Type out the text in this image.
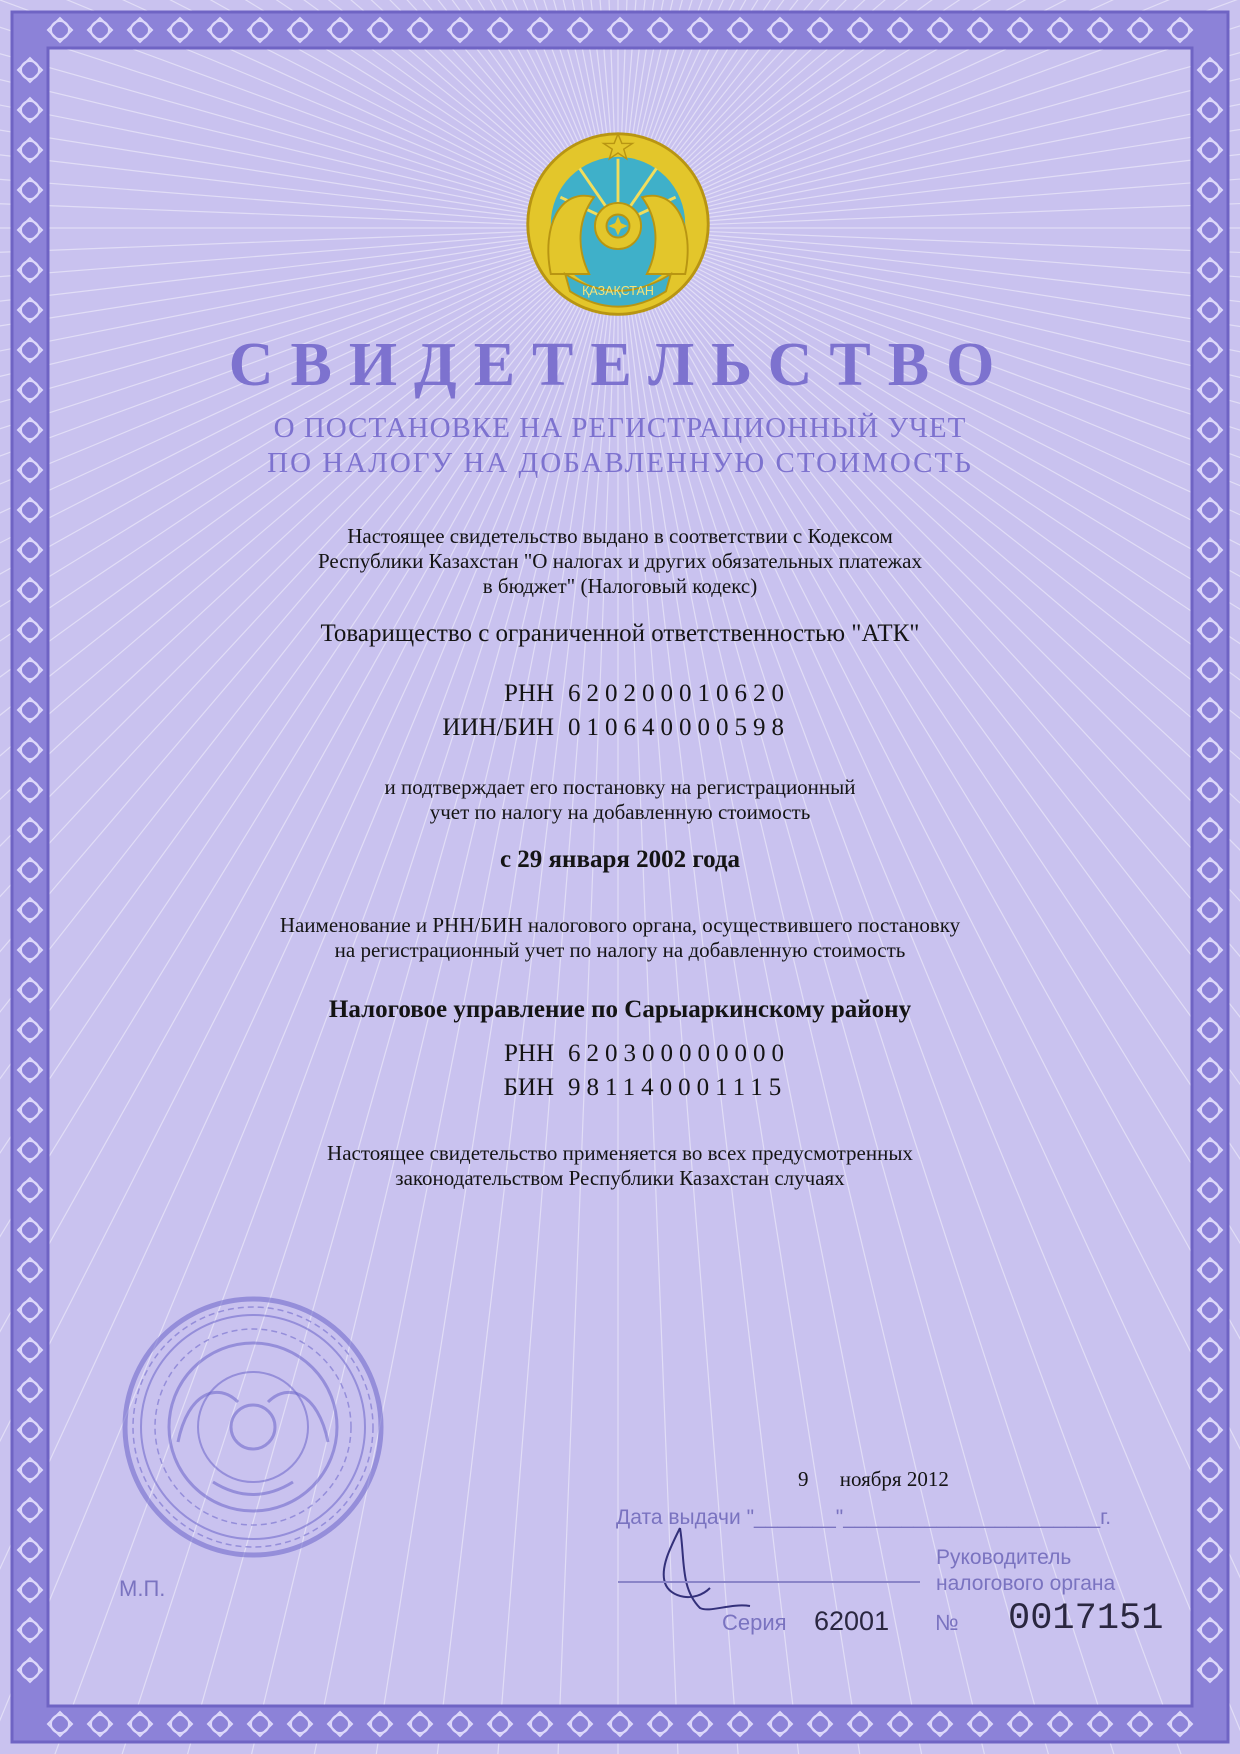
ҚАЗАҚСТАН
СВИДЕТЕЛЬСТВО
О ПОСТАНОВКЕ НА РЕГИСТРАЦИОННЫЙ УЧЕТ
ПО НАЛОГУ НА ДОБАВЛЕННУЮ СТОИМОСТЬ
Настоящее свидетельство выдано в соответствии с Кодексом
Республики Казахстан "О налогах и других обязательных платежах
в бюджет" (Налоговый кодекс)
Товарищество с ограниченной ответственностью "АТК"
РНН 620200010620
ИИН/БИН 010640000598
и подтверждает его постановку на регистрационный
учет по налогу на добавленную стоимость
с 29 января 2002 года
Наименование и РНН/БИН налогового органа, осуществившего постановку
на регистрационный учет по налогу на добавленную стоимость
Налоговое управление по Сарыаркинскому району
РНН 620300000000
БИН 981140001115
Настоящее свидетельство применяется во всех предусмотренных
законодательством Республики Казахстан случаях
9 ноября 2012
Дата выдачи "_______"______________________г.
Руководитель
налогового органа
М.П.
Серия 62001 № 0017151
